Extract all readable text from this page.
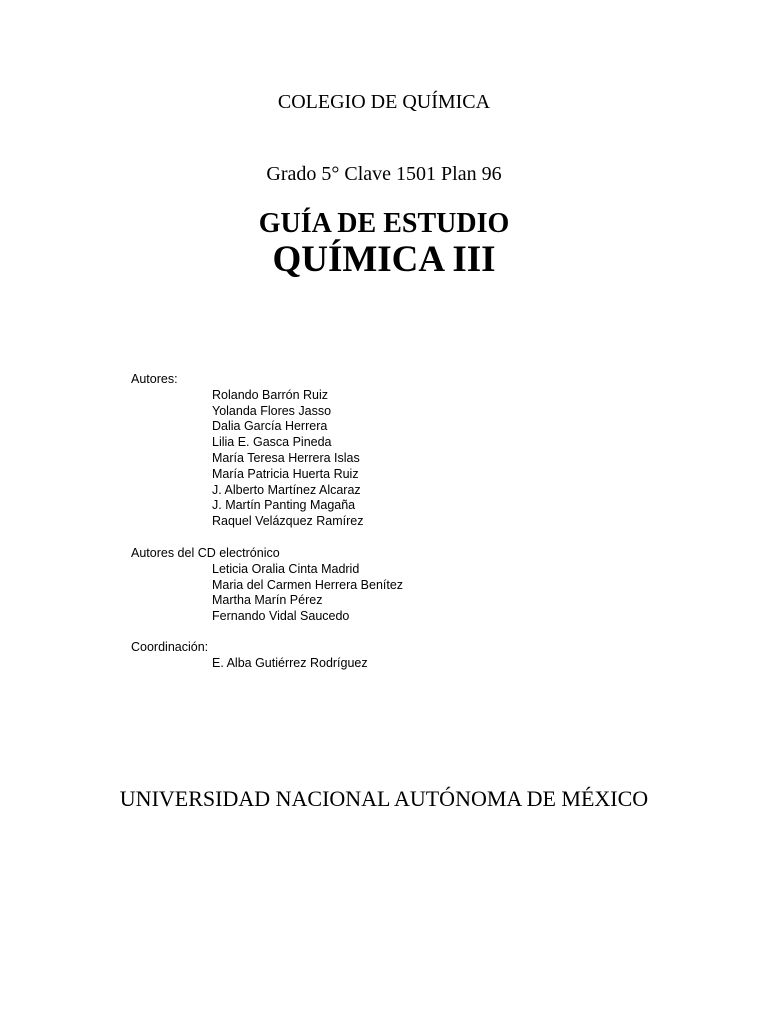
COLEGIO DE QUÍMICA
Grado 5° Clave 1501 Plan 96
GUÍA DE ESTUDIO
QUÍMICA III

Autores:

Rolando Barrón Ruiz
Yolanda Flores Jasso
Dalia García Herrera
Lilia E. Gasca Pineda
María Teresa Herrera Islas
María Patricia Huerta Ruiz
J. Alberto Martínez Alcaraz
J. Martín Panting Magaña
Raquel Velázquez Ramírez

Autores del CD electrónico

Leticia Oralia Cinta Madrid
Maria del Carmen Herrera Benítez
Martha Marín Pérez
Fernando Vidal Saucedo

Coordinación:

E. Alba Gutiérrez Rodríguez
UNIVERSIDAD NACIONAL AUTÓNOMA DE MÉXICO
